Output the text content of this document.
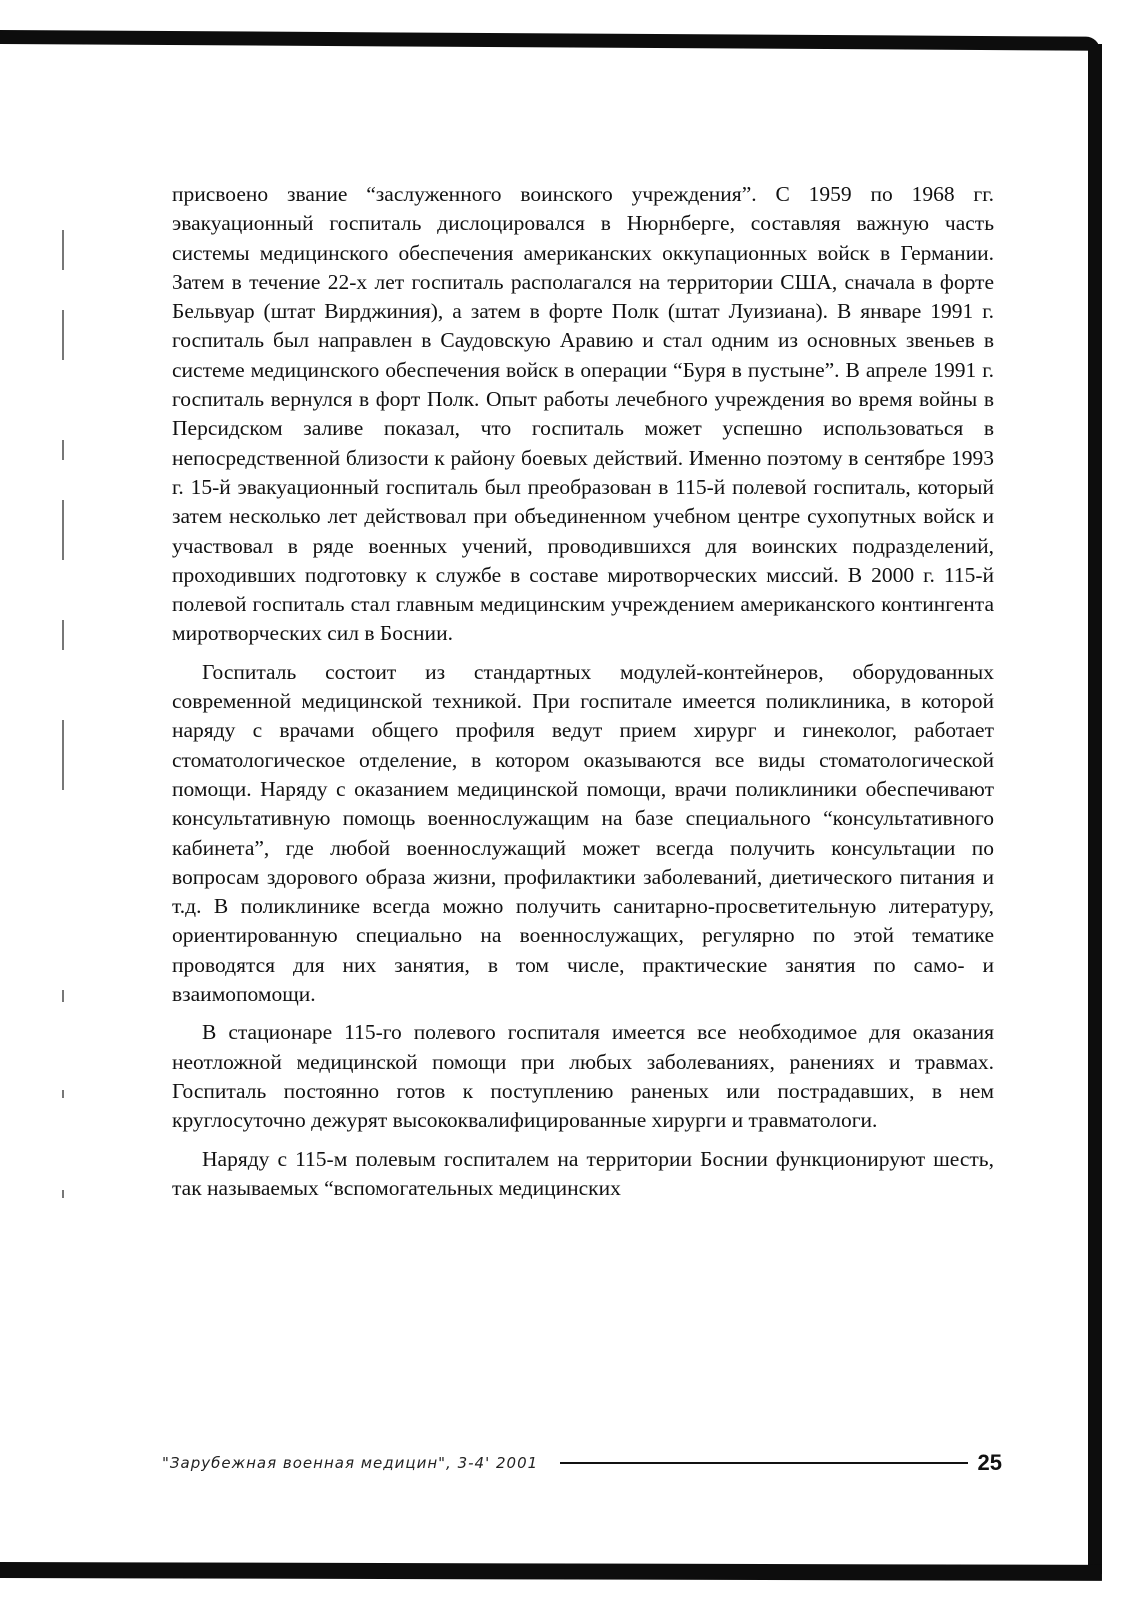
присвоено звание “заслуженного воинского учреждения”. С 1959 по 1968 гг. эвакуационный госпиталь дислоцировался в Нюрнберге, составляя важную часть системы медицинского обеспечения американских оккупационных войск в Германии. Затем в течение 22-х лет госпиталь располагался на территории США, сначала в форте Бельвуар (штат Вирджиния), а затем в форте Полк (штат Луизиана). В январе 1991 г. госпиталь был направлен в Саудовскую Аравию и стал одним из основных звеньев в системе медицинского обеспечения войск в операции “Буря в пустыне”. В апреле 1991 г. госпиталь вернулся в форт Полк. Опыт работы лечебного учреждения во время войны в Персидском заливе показал, что госпиталь может успешно использоваться в непосредственной близости к району боевых действий. Именно поэтому в сентябре 1993 г. 15-й эвакуационный госпиталь был преобразован в 115-й полевой госпиталь, который затем несколько лет действовал при объединенном учебном центре сухопутных войск и участвовал в ряде военных учений, проводившихся для воинских подразделений, проходивших подготовку к службе в составе миротворческих миссий. В 2000 г. 115-й полевой госпиталь стал главным медицинским учреждением американского контингента миротворческих сил в Боснии.

Госпиталь состоит из стандартных модулей-контейнеров, оборудованных современной медицинской техникой. При госпитале имеется поликлиника, в которой наряду с врачами общего профиля ведут прием хирург и гинеколог, работает стоматологическое отделение, в котором оказываются все виды стоматологической помощи. Наряду с оказанием медицинской помощи, врачи поликлиники обеспечивают консультативную помощь военнослужащим на базе специального “консультативного кабинета”, где любой военнослужащий может всегда получить консультации по вопросам здорового образа жизни, профилактики заболеваний, диетического питания и т.д. В поликлинике всегда можно получить санитарно-просветительную литературу, ориентированную специально на военнослужащих, регулярно по этой тематике проводятся для них занятия, в том числе, практические занятия по само- и взаимопомощи.

В стационаре 115-го полевого госпиталя имеется все необходимое для оказания неотложной медицинской помощи при любых заболеваниях, ранениях и травмах. Госпиталь постоянно готов к поступлению раненых или пострадавших, в нем круглосуточно дежурят высококвалифицированные хирурги и травматологи.

Наряду с 115-м полевым госпиталем на территории Боснии функционируют шесть, так называемых “вспомогательных медицинских

"Зарубежная военная медицин", 3-4' 2001	25
